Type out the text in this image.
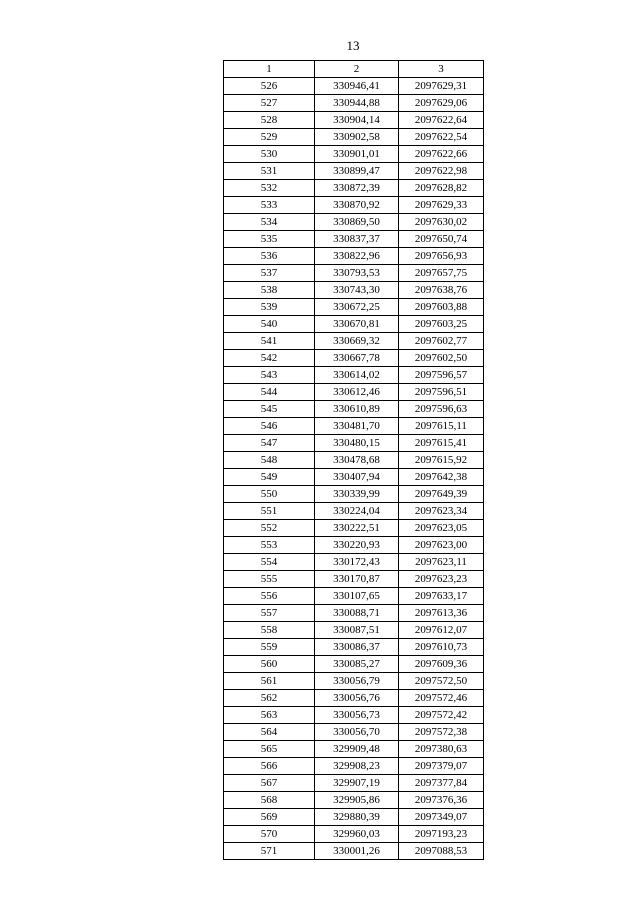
13
1	2	3
526	330946,41	2097629,31
527	330944,88	2097629,06
528	330904,14	2097622,64
529	330902,58	2097622,54
530	330901,01	2097622,66
531	330899,47	2097622,98
532	330872,39	2097628,82
533	330870,92	2097629,33
534	330869,50	2097630,02
535	330837,37	2097650,74
536	330822,96	2097656,93
537	330793,53	2097657,75
538	330743,30	2097638,76
539	330672,25	2097603,88
540	330670,81	2097603,25
541	330669,32	2097602,77
542	330667,78	2097602,50
543	330614,02	2097596,57
544	330612,46	2097596,51
545	330610,89	2097596,63
546	330481,70	2097615,11
547	330480,15	2097615,41
548	330478,68	2097615,92
549	330407,94	2097642,38
550	330339,99	2097649,39
551	330224,04	2097623,34
552	330222,51	2097623,05
553	330220,93	2097623,00
554	330172,43	2097623,11
555	330170,87	2097623,23
556	330107,65	2097633,17
557	330088,71	2097613,36
558	330087,51	2097612,07
559	330086,37	2097610,73
560	330085,27	2097609,36
561	330056,79	2097572,50
562	330056,76	2097572,46
563	330056,73	2097572,42
564	330056,70	2097572,38
565	329909,48	2097380,63
566	329908,23	2097379,07
567	329907,19	2097377,84
568	329905,86	2097376,36
569	329880,39	2097349,07
570	329960,03	2097193,23
571	330001,26	2097088,53
